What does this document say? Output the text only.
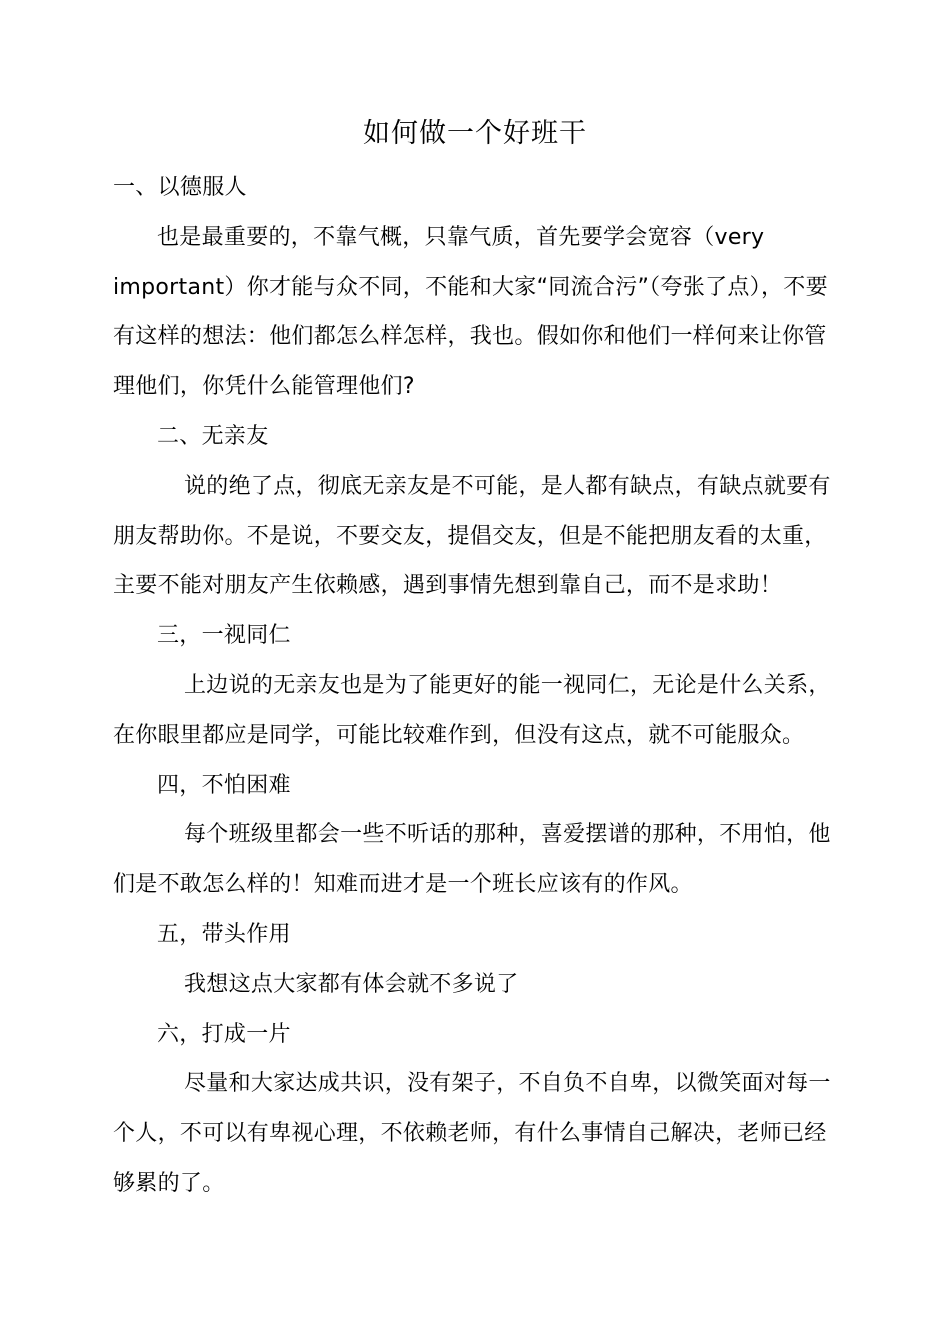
如何做一个好班干

一、以德服人

也是最重要的，不靠气概，只靠气质，首先要学会宽容（very important）你才能与众不同，不能和大家“同流合污”（夸张了点），不要有这样的想法：他们都怎么样怎样，我也。假如你和他们一样何来让你管理他们，你凭什么能管理他们?

二、无亲友

说的绝了点，彻底无亲友是不可能，是人都有缺点，有缺点就要有朋友帮助你。不是说，不要交友，提倡交友，但是不能把朋友看的太重，主要不能对朋友产生依赖感，遇到事情先想到靠自己，而不是求助！

三，一视同仁

上边说的无亲友也是为了能更好的能一视同仁，无论是什么关系，在你眼里都应是同学，可能比较难作到，但没有这点，就不可能服众。

四，不怕困难

每个班级里都会一些不听话的那种，喜爱摆谱的那种，不用怕，他们是不敢怎么样的！知难而进才是一个班长应该有的作风。

五，带头作用

我想这点大家都有体会就不多说了

六，打成一片

尽量和大家达成共识，没有架子，不自负不自卑，以微笑面对每一个人，不可以有卑视心理，不依赖老师，有什么事情自己解决，老师已经够累的了。
